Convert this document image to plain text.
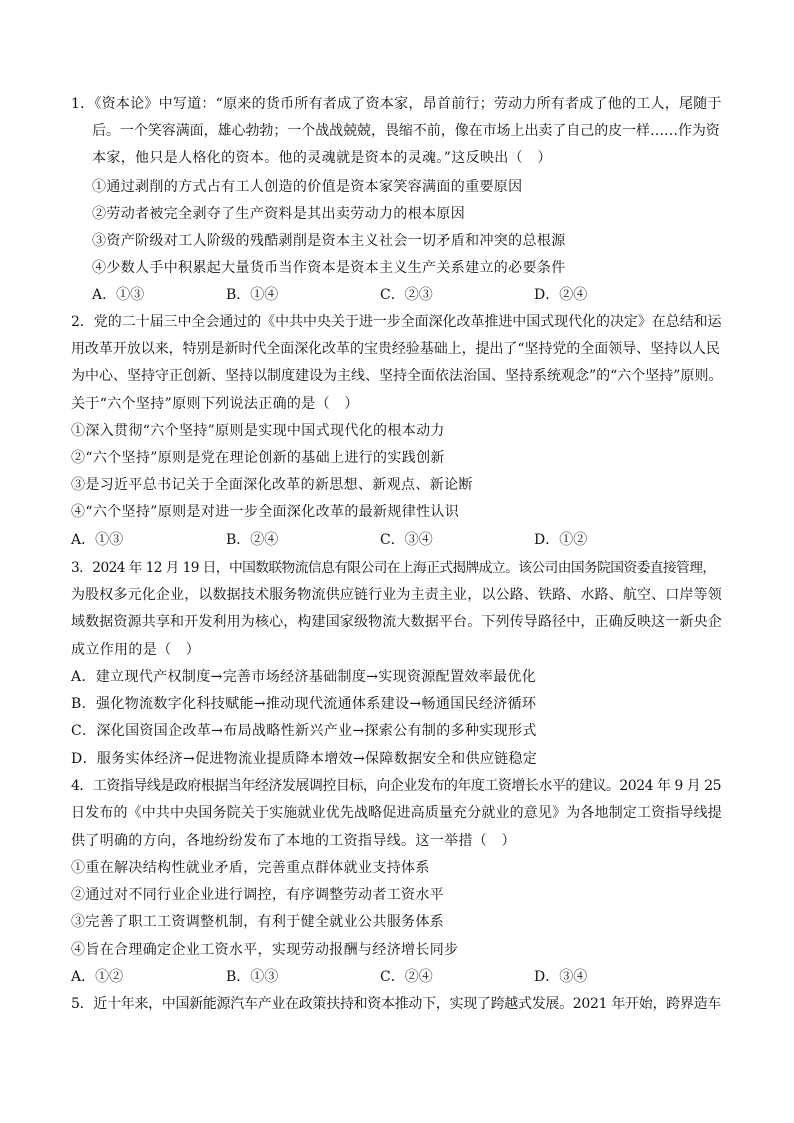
1．《资本论》中写道：“原来的货币所有者成了资本家，昂首前行；劳动力所有者成了他的工人，尾随于
后。一个笑容满面，雄心勃勃；一个战战兢兢，畏缩不前，像在市场上出卖了自己的皮一样……作为资
本家，他只是人格化的资本。他的灵魂就是资本的灵魂。”这反映出（　）
①通过剥削的方式占有工人创造的价值是资本家笑容满面的重要原因
②劳动者被完全剥夺了生产资料是其出卖劳动力的根本原因
③资产阶级对工人阶级的残酷剥削是资本主义社会一切矛盾和冲突的总根源
④少数人手中积累起大量货币当作资本是资本主义生产关系建立的必要条件
A．①③	B．①④	C．②③	D．②④
2．党的二十届三中全会通过的《中共中央关于进一步全面深化改革推进中国式现代化的决定》在总结和运
用改革开放以来，特别是新时代全面深化改革的宝贵经验基础上，提出了“坚持党的全面领导、坚持以人民
为中心、坚持守正创新、坚持以制度建设为主线、坚持全面依法治国、坚持系统观念”的“六个坚持”原则。
关于“六个坚持”原则下列说法正确的是（　）
①深入贯彻“六个坚持”原则是实现中国式现代化的根本动力
②“六个坚持”原则是党在理论创新的基础上进行的实践创新
③是习近平总书记关于全面深化改革的新思想、新观点、新论断
④“六个坚持”原则是对进一步全面深化改革的最新规律性认识
A．①③	B．②④	C．③④	D．①②
3．2024 年 12 月 19 日，中国数联物流信息有限公司在上海正式揭牌成立。该公司由国务院国资委直接管理，
为股权多元化企业，以数据技术服务物流供应链行业为主责主业，以公路、铁路、水路、航空、口岸等领
域数据资源共享和开发利用为核心，构建国家级物流大数据平台。下列传导路径中，正确反映这一新央企
成立作用的是（　）
A．建立现代产权制度→完善市场经济基础制度→实现资源配置效率最优化
B．强化物流数字化科技赋能→推动现代流通体系建设→畅通国民经济循环
C．深化国资国企改革→布局战略性新兴产业→探索公有制的多种实现形式
D．服务实体经济→促进物流业提质降本增效→保障数据安全和供应链稳定
4．工资指导线是政府根据当年经济发展调控目标，向企业发布的年度工资增长水平的建议。2024 年 9 月 25
日发布的《中共中央国务院关于实施就业优先战略促进高质量充分就业的意见》为各地制定工资指导线提
供了明确的方向，各地纷纷发布了本地的工资指导线。这一举措（　）
①重在解决结构性就业矛盾，完善重点群体就业支持体系
②通过对不同行业企业进行调控，有序调整劳动者工资水平
③完善了职工工资调整机制，有利于健全就业公共服务体系
④旨在合理确定企业工资水平，实现劳动报酬与经济增长同步
A．①②	B．①③	C．②④	D．③④
5．近十年来，中国新能源汽车产业在政策扶持和资本推动下，实现了跨越式发展。2021 年开始，跨界造车
